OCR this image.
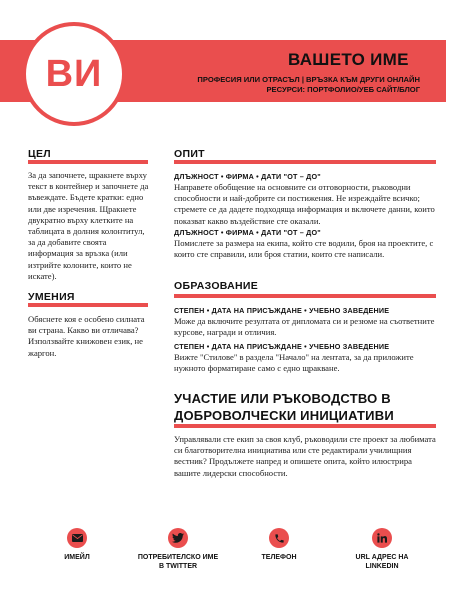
ВИ	ВАШЕТО ИМЕ
ПРОФЕСИЯ ИЛИ ОТРАСЪЛ | ВРЪЗКА КЪМ ДРУГИ ОНЛАЙН
РЕСУРСИ: ПОРТФОЛИО/УЕБ САЙТ/БЛОГ
ЦЕЛ
За да започнете, щракнете върху текст в контейнер и започнете да въвеждате. Бъдете кратки: едно или две изречения. Щракнете двукратно върху клетките на таблицата в долния колонтитул, за да добавите своята информация за връзка (или изтрийте колоните, които не искате).
УМЕНИЯ
Обяснете коя е особено силната ви страна. Какво ви отличава? Използвайте книжовен език, не жаргон.
ОПИТ
ДЛЪЖНОСТ • ФИРМА • ДАТИ "ОТ – ДО"
Направете обобщение на основните си отговорности, ръководни способности и най-добрите си постижения. Не изреждайте всичко; стремете се да дадете подходяща информация и включете данни, които показват какво въздействие сте оказали.
ДЛЪЖНОСТ • ФИРМА • ДАТИ "ОТ – ДО"
Помислете за размера на екипа, който сте водили, броя на проектите, с които сте справили, или броя статии, които сте написали.
ОБРАЗОВАНИЕ
СТЕПЕН • ДАТА НА ПРИСЪЖДАНЕ • УЧЕБНО ЗАВЕДЕНИЕ
Може да включите резултата от дипломата си и резюме на съответните курсове, награди и отличия.
СТЕПЕН • ДАТА НА ПРИСЪЖДАНЕ • УЧЕБНО ЗАВЕДЕНИЕ
Вижте "Стилове" в раздела "Начало" на лентата, за да приложите нужното форматиране само с едно щракване.
УЧАСТИЕ ИЛИ РЪКОВОДСТВО В
ДОБРОВОЛЧЕСКИ ИНИЦИАТИВИ
Управлявали сте екип за своя клуб, ръководили сте проект за любимата си благотворителна инициатива или сте редактирали училищния вестник? Продължете напред и опишете опита, който илюстрира вашите лидерски способности.
ИМЕЙЛ	ПОТРЕБИТЕЛСКО ИМЕ
В TWITTER
ТЕЛЕФОН	URL АДРЕС НА
LINKEDIN
